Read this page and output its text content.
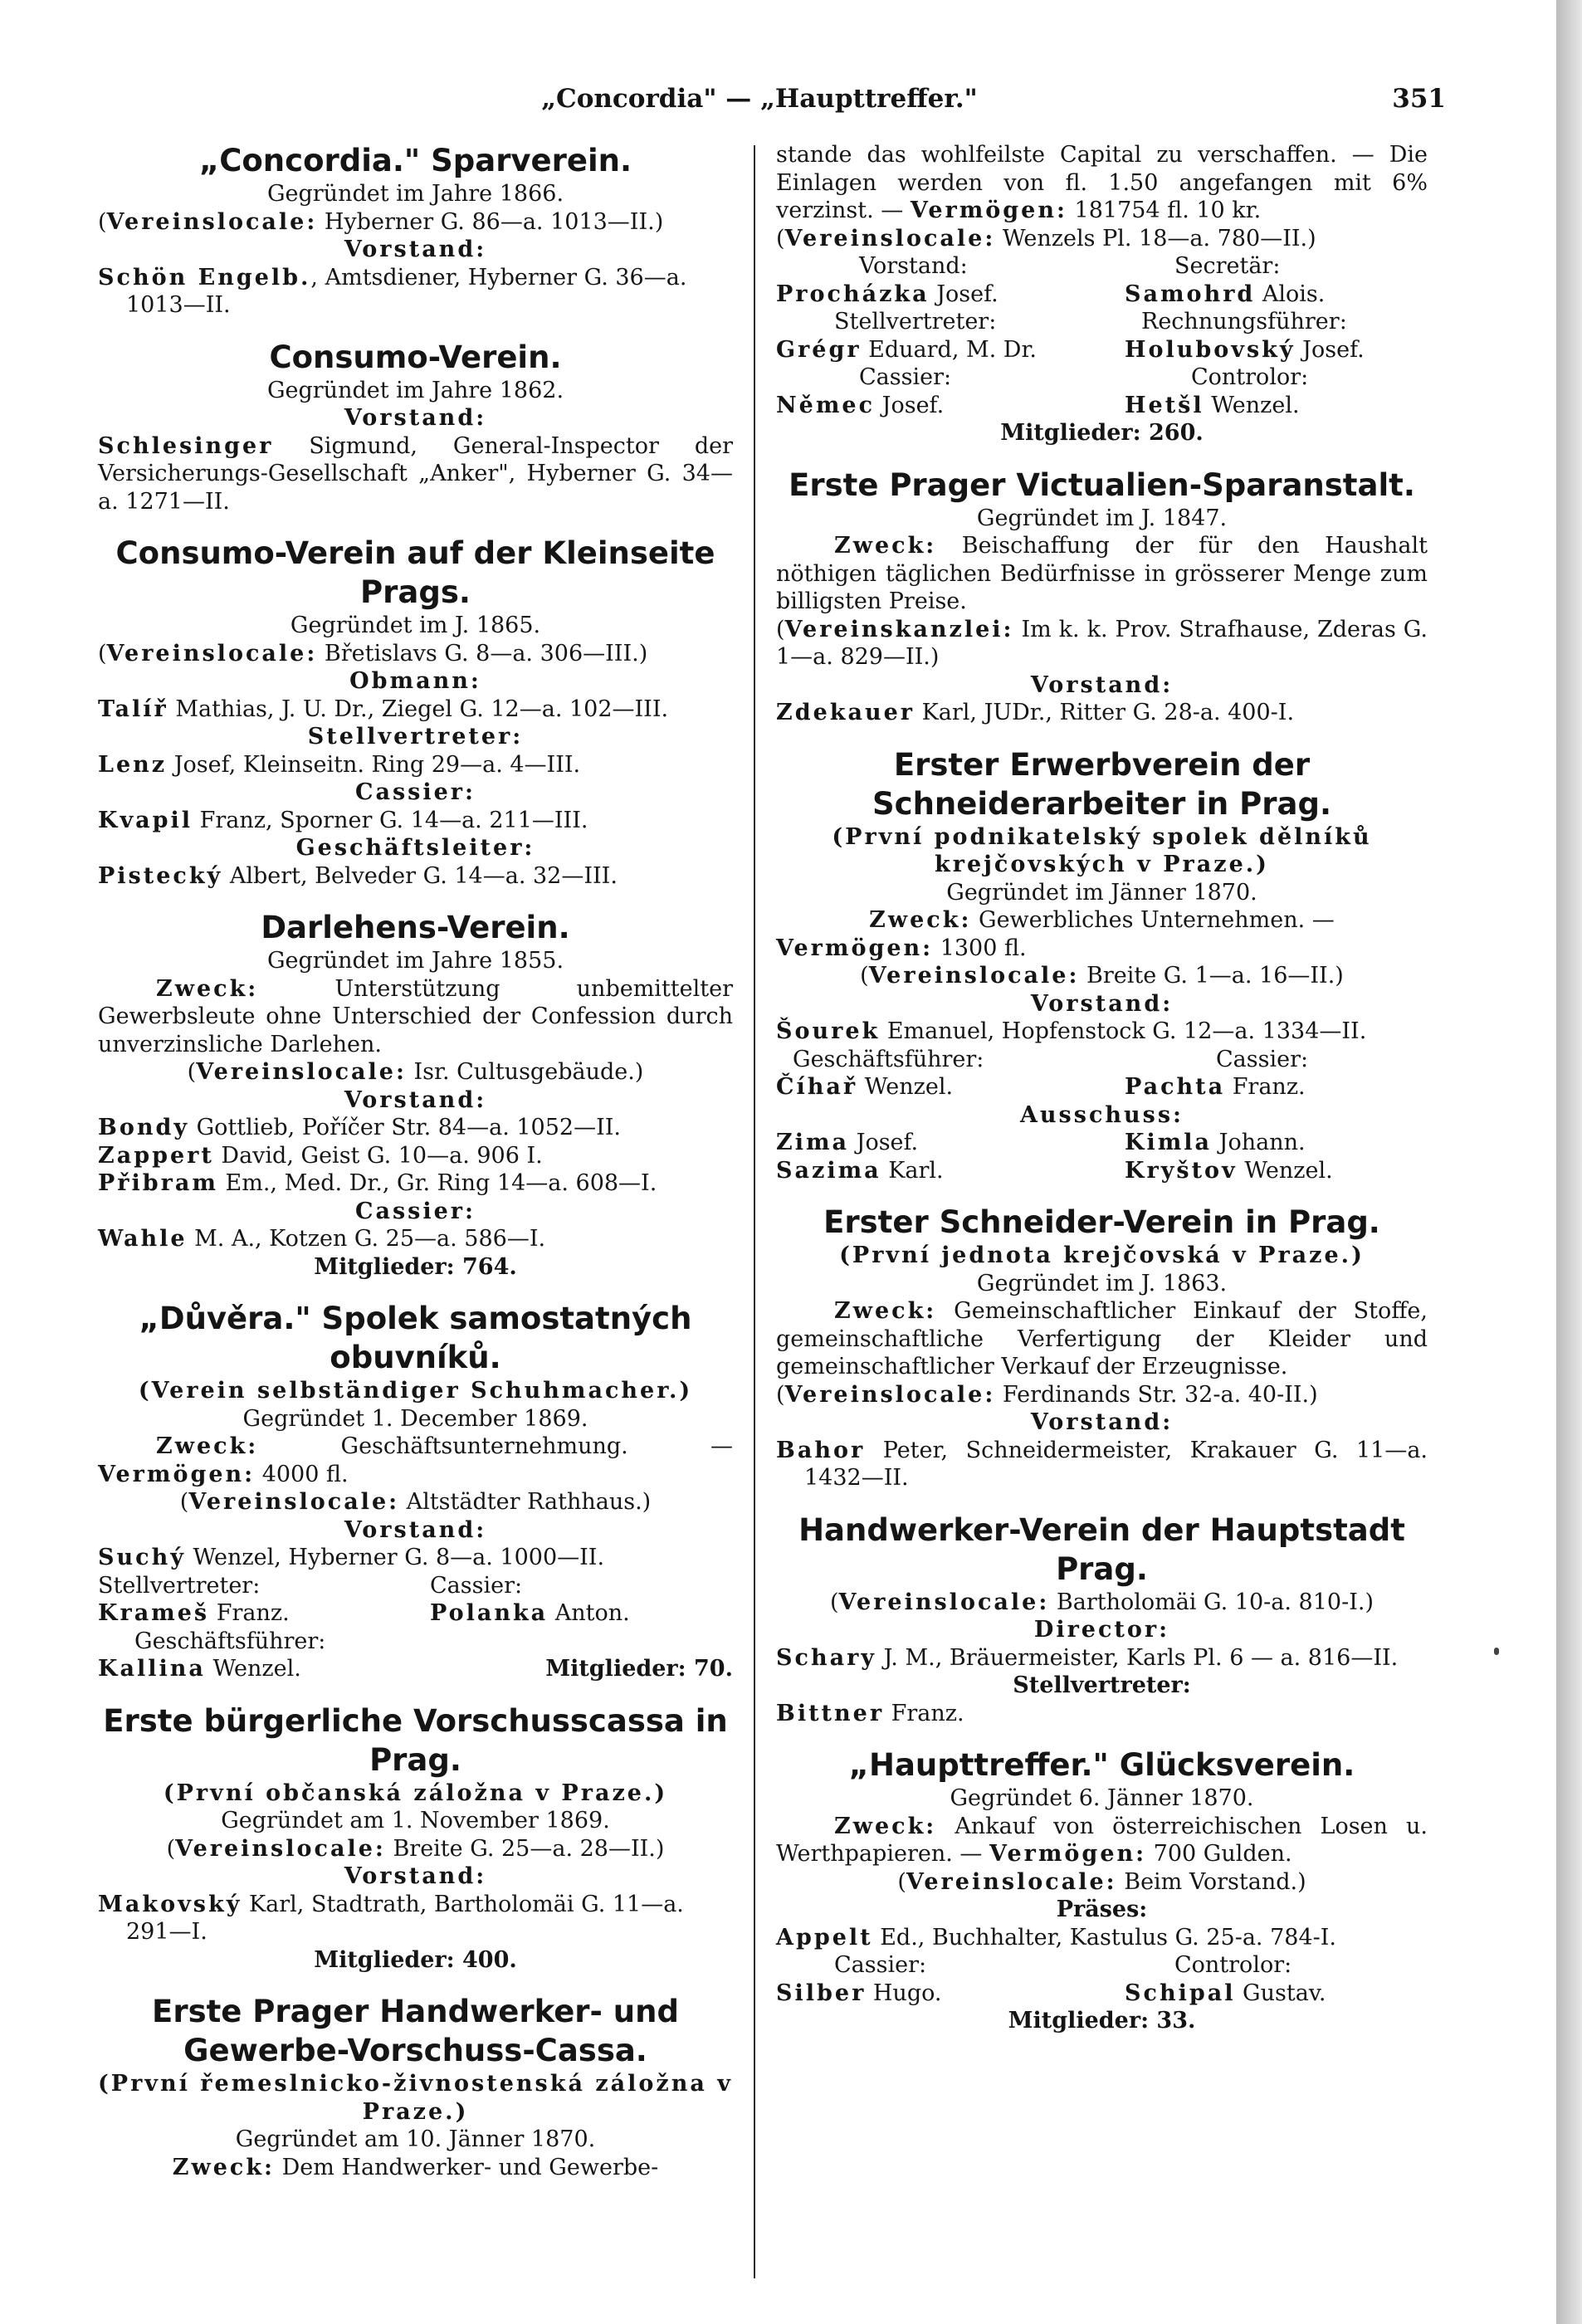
„Concordia" — „Haupttreffer."	351

„Concordia." Sparverein.

Gegründet im Jahre 1866.

(Vereinslocale: Hyberner G. 86—a. 1013—II.)

Vorstand:

Schön Engelb., Amtsdiener, Hyberner G. 36—a. 1013—II.

Consumo-Verein.

Gegründet im Jahre 1862.

Vorstand:

Schlesinger Sigmund, General-Inspector der Versicherungs-Gesellschaft „Anker", Hyberner G. 34—a. 1271—II.

Consumo-Verein auf der Kleinseite Prags.

Gegründet im J. 1865.

(Vereinslocale: Břetislavs G. 8—a. 306—III.)

Obmann:

Talíř Mathias, J. U. Dr., Ziegel G. 12—a. 102—III.

Stellvertreter:

Lenz Josef, Kleinseitn. Ring 29—a. 4—III.

Cassier:

Kvapil Franz, Sporner G. 14—a. 211—III.

Geschäftsleiter:

Pistecký Albert, Belveder G. 14—a. 32—III.

Darlehens-Verein.

Gegründet im Jahre 1855.

Zweck: Unterstützung unbemittelter Gewerbsleute ohne Unterschied der Confession durch unverzinsliche Darlehen.

(Vereinslocale: Isr. Cultusgebäude.)

Vorstand:

Bondy Gottlieb, Poříčer Str. 84—a. 1052—II.

Zappert David, Geist G. 10—a. 906 I.

Přibram Em., Med. Dr., Gr. Ring 14—a. 608—I.

Cassier:

Wahle M. A., Kotzen G. 25—a. 586—I.

Mitglieder: 764.

„Důvěra." Spolek samostatných obuvníků.

(Verein selbständiger Schuhmacher.)

Gegründet 1. December 1869.

Zweck: Geschäftsunternehmung. — Vermögen: 4000 fl.

(Vereinslocale: Altstädter Rathhaus.)

Vorstand:

Suchý Wenzel, Hyberner G. 8—a. 1000—II.

Stellvertreter:	Cassier:
Krameš Franz.	Polanka Anton.

Geschäftsführer:

Kallina Wenzel.	Mitglieder: 70.

Erste bürgerliche Vorschusscassa in Prag.

(První občanská záložna v Praze.)

Gegründet am 1. November 1869.

(Vereinslocale: Breite G. 25—a. 28—II.)

Vorstand:

Makovský Karl, Stadtrath, Bartholomäi G. 11—a. 291—I.

Mitglieder: 400.

Erste Prager Handwerker- und Gewerbe-Vorschuss-Cassa.

(První řemeslnicko-živnostenská záložna v Praze.)

Gegründet am 10. Jänner 1870.

Zweck: Dem Handwerker- und Gewerbe-

stande das wohlfeilste Capital zu verschaffen. — Die Einlagen werden von fl. 1.50 angefangen mit 6% verzinst. — Vermögen: 181754 fl. 10 kr.

(Vereinslocale: Wenzels Pl. 18—a. 780—II.)

Vorstand:	Secretär:
Procházka Josef.	Samohrd Alois.
Stellvertreter:	Rechnungsführer:
Grégr Eduard, M. Dr.	Holubovský Josef.
Cassier:	Controlor:
Němec Josef.	Hetšl Wenzel.

Mitglieder: 260.

Erste Prager Victualien-Sparanstalt.

Gegründet im J. 1847.

Zweck: Beischaffung der für den Haushalt nöthigen täglichen Bedürfnisse in grösserer Menge zum billigsten Preise.

(Vereinskanzlei: Im k. k. Prov. Strafhause, Zderas G. 1—a. 829—II.)

Vorstand:

Zdekauer Karl, JUDr., Ritter G. 28-a. 400-I.

Erster Erwerbverein der Schneiderarbeiter in Prag.

(První podnikatelský spolek dělníků krejčovských v Praze.)

Gegründet im Jänner 1870.

Zweck: Gewerbliches Unternehmen. —

Vermögen: 1300 fl.

(Vereinslocale: Breite G. 1—a. 16—II.)

Vorstand:

Šourek Emanuel, Hopfenstock G. 12—a. 1334—II.

Geschäftsführer:	Cassier:
Číhař Wenzel.	Pachta Franz.

Ausschuss:

Zima Josef.	Kimla Johann.
Sazima Karl.	Kryštov Wenzel.

Erster Schneider-Verein in Prag.

(První jednota krejčovská v Praze.)

Gegründet im J. 1863.

Zweck: Gemeinschaftlicher Einkauf der Stoffe, gemeinschaftliche Verfertigung der Kleider und gemeinschaftlicher Verkauf der Erzeugnisse.

(Vereinslocale: Ferdinands Str. 32-a. 40-II.)

Vorstand:

Bahor Peter, Schneidermeister, Krakauer G. 11—a. 1432—II.

Handwerker-Verein der Hauptstadt Prag.

(Vereinslocale: Bartholomäi G. 10-a. 810-I.)

Director:

Schary J. M., Bräuermeister, Karls Pl. 6 — a. 816—II.

Stellvertreter:

Bittner Franz.

„Haupttreffer." Glücksverein.

Gegründet 6. Jänner 1870.

Zweck: Ankauf von österreichischen Losen u. Werthpapieren. — Vermögen: 700 Gulden.

(Vereinslocale: Beim Vorstand.)

Präses:

Appelt Ed., Buchhalter, Kastulus G. 25-a. 784-I.

Cassier:	Controlor:
Silber Hugo.	Schipal Gustav.

Mitglieder: 33.
